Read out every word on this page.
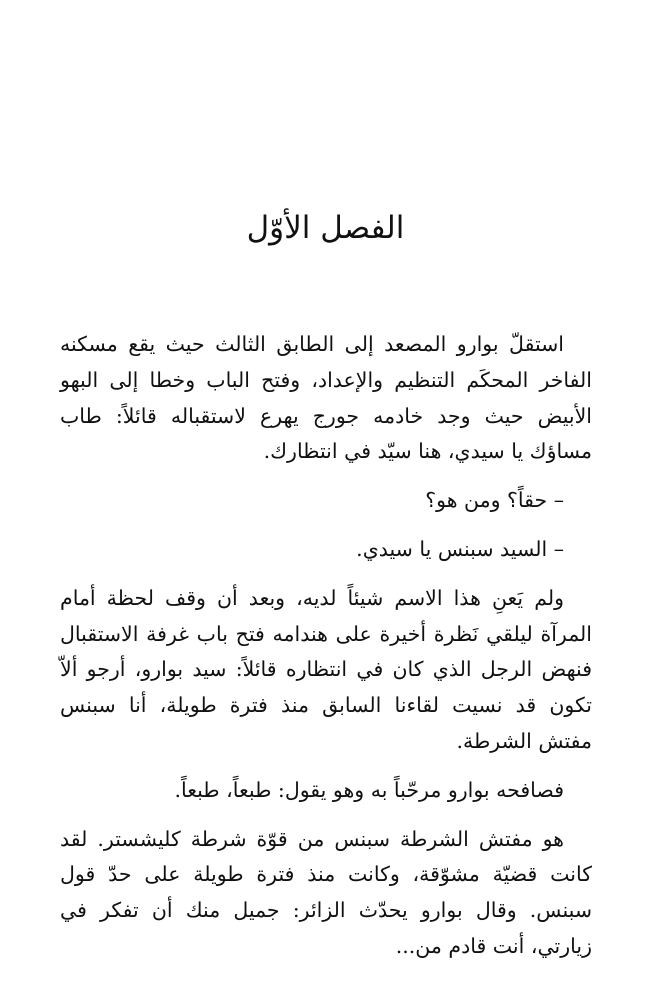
الفصل الأوّل

استقلّ بوارو المصعد إلى الطابق الثالث حيث يقع مسكنه الفاخر المحكَم التنظيم والإعداد، وفتح الباب وخطا إلى البهو الأبيض حيث وجد خادمه جورج يهرع لاستقباله قائلاً: طاب مساؤك يا سيدي، هنا سيّد في انتظارك.

– حقاً؟ ومن هو؟

– السيد سبنس يا سيدي.

ولم يَعنِ هذا الاسم شيئاً لديه، وبعد أن وقف لحظة أمام المرآة ليلقي نَظرة أخيرة على هندامه فتح باب غرفة الاستقبال فنهض الرجل الذي كان في انتظاره قائلاً: سيد بوارو، أرجو ألاّ تكون قد نسيت لقاءنا السابق منذ فترة طويلة، أنا سبنس مفتش الشرطة.

فصافحه بوارو مرحّباً به وهو يقول: طبعاً، طبعاً.

هو مفتش الشرطة سبنس من قوّة شرطة كليشستر. لقد كانت قضيّة مشوّقة، وكانت منذ فترة طويلة على حدّ قول سبنس. وقال بوارو يحدّث الزائر: جميل منك أن تفكر في زيارتي، أنت قادم من...
